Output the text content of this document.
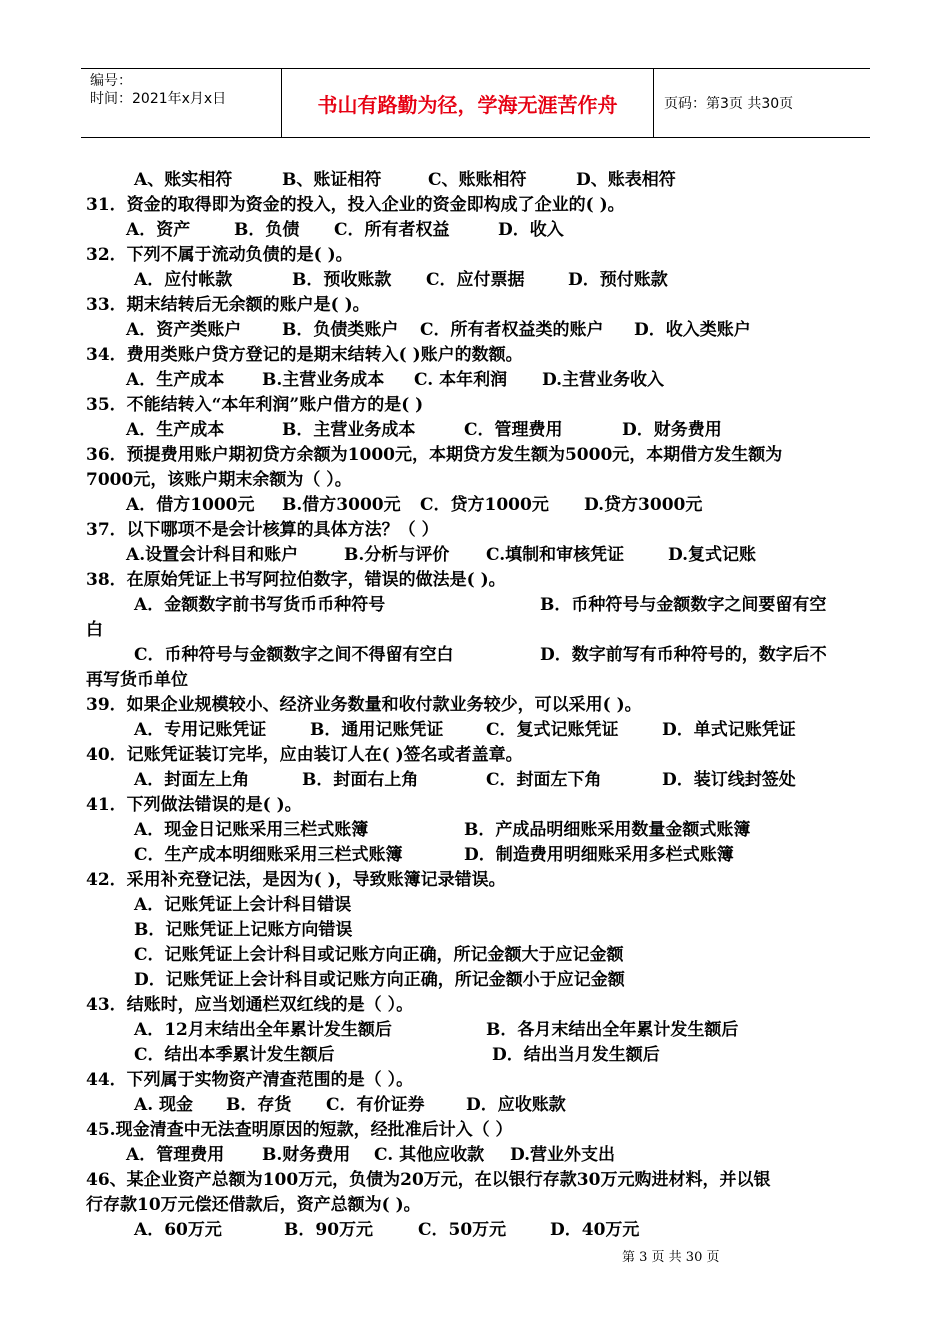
编号：
时间：2021年x月x日	书山有路勤为径，学海无涯苦作舟	页码：第3页 共30页
A、账实相符	B、账证相符	C、账账相符	D、账表相符
31．资金的取得即为资金的投入，投入企业的资金即构成了企业的( )。
A．资产	B．负债 C．所有者权益	D．收入
32．下列不属于流动负债的是( )。
A．应付帐款	B．预收账款 C．应付票据	D．预付账款
33．期末结转后无余额的账户是( )。
A．资产类账户 B．负债类账户 C．所有者权益类的账户 D．收入类账户
34．费用类账户贷方登记的是期末结转入( )账户的数额。
A．生产成本 B.主营业务成本 C. 本年利润 D.主营业务收入
35．不能结转入“本年利润”账户借方的是( )
A．生产成本	B．主营业务成本	C．管理费用	D．财务费用
36．预提费用账户期初贷方余额为1000元，本期贷方发生额为5000元，本期借方发生额为
7000元，该账户期末余额为（ ）。
A．借方1000元 B.借方3000元 C．贷方1000元 D.贷方3000元
37．以下哪项不是会计核算的具体方法？（ ）
A.设置会计科目和账户	B.分析与评价 C.填制和审核凭证	D.复式记账
38．在原始凭证上书写阿拉伯数字，错误的做法是( )。
A．金额数字前书写货币币种符号	B．币种符号与金额数字之间要留有空
白
C．币种符号与金额数字之间不得留有空白	D．数字前写有币种符号的，数字后不
再写货币单位
39．如果企业规模较小、经济业务数量和收付款业务较少，可以采用( )。
A．专用记账凭证	B．通用记账凭证	C．复式记账凭证	D．单式记账凭证
40．记账凭证装订完毕，应由装订人在( )签名或者盖章。
A．封面左上角	B．封面右上角	C．封面左下角	D．装订线封签处
41．下列做法错误的是( )。
A．现金日记账采用三栏式账簿	B．产成品明细账采用数量金额式账簿
C．生产成本明细账采用三栏式账簿	D．制造费用明细账采用多栏式账簿
42．采用补充登记法，是因为( )，导致账簿记录错误。
A．记账凭证上会计科目错误
B．记账凭证上记账方向错误
C．记账凭证上会计科目或记账方向正确，所记金额大于应记金额
D．记账凭证上会计科目或记账方向正确，所记金额小于应记金额
43．结账时，应当划通栏双红线的是（ ）。
A．12月末结出全年累计发生额后	B．各月末结出全年累计发生额后
C．结出本季累计发生额后	D．结出当月发生额后
44．下列属于实物资产清查范围的是（ ）。
A. 现金 B．存货 C．有价证券 D．应收账款
45.现金清查中无法查明原因的短款，经批准后计入（ ）
A．管理费用 B.财务费用 C. 其他应收款 D.营业外支出
46、某企业资产总额为100万元，负债为20万元，在以银行存款30万元购进材料，并以银
行存款10万元偿还借款后，资产总额为( )。
A．60万元	B．90万元	C．50万元	D．40万元
第 3 页 共 30 页
